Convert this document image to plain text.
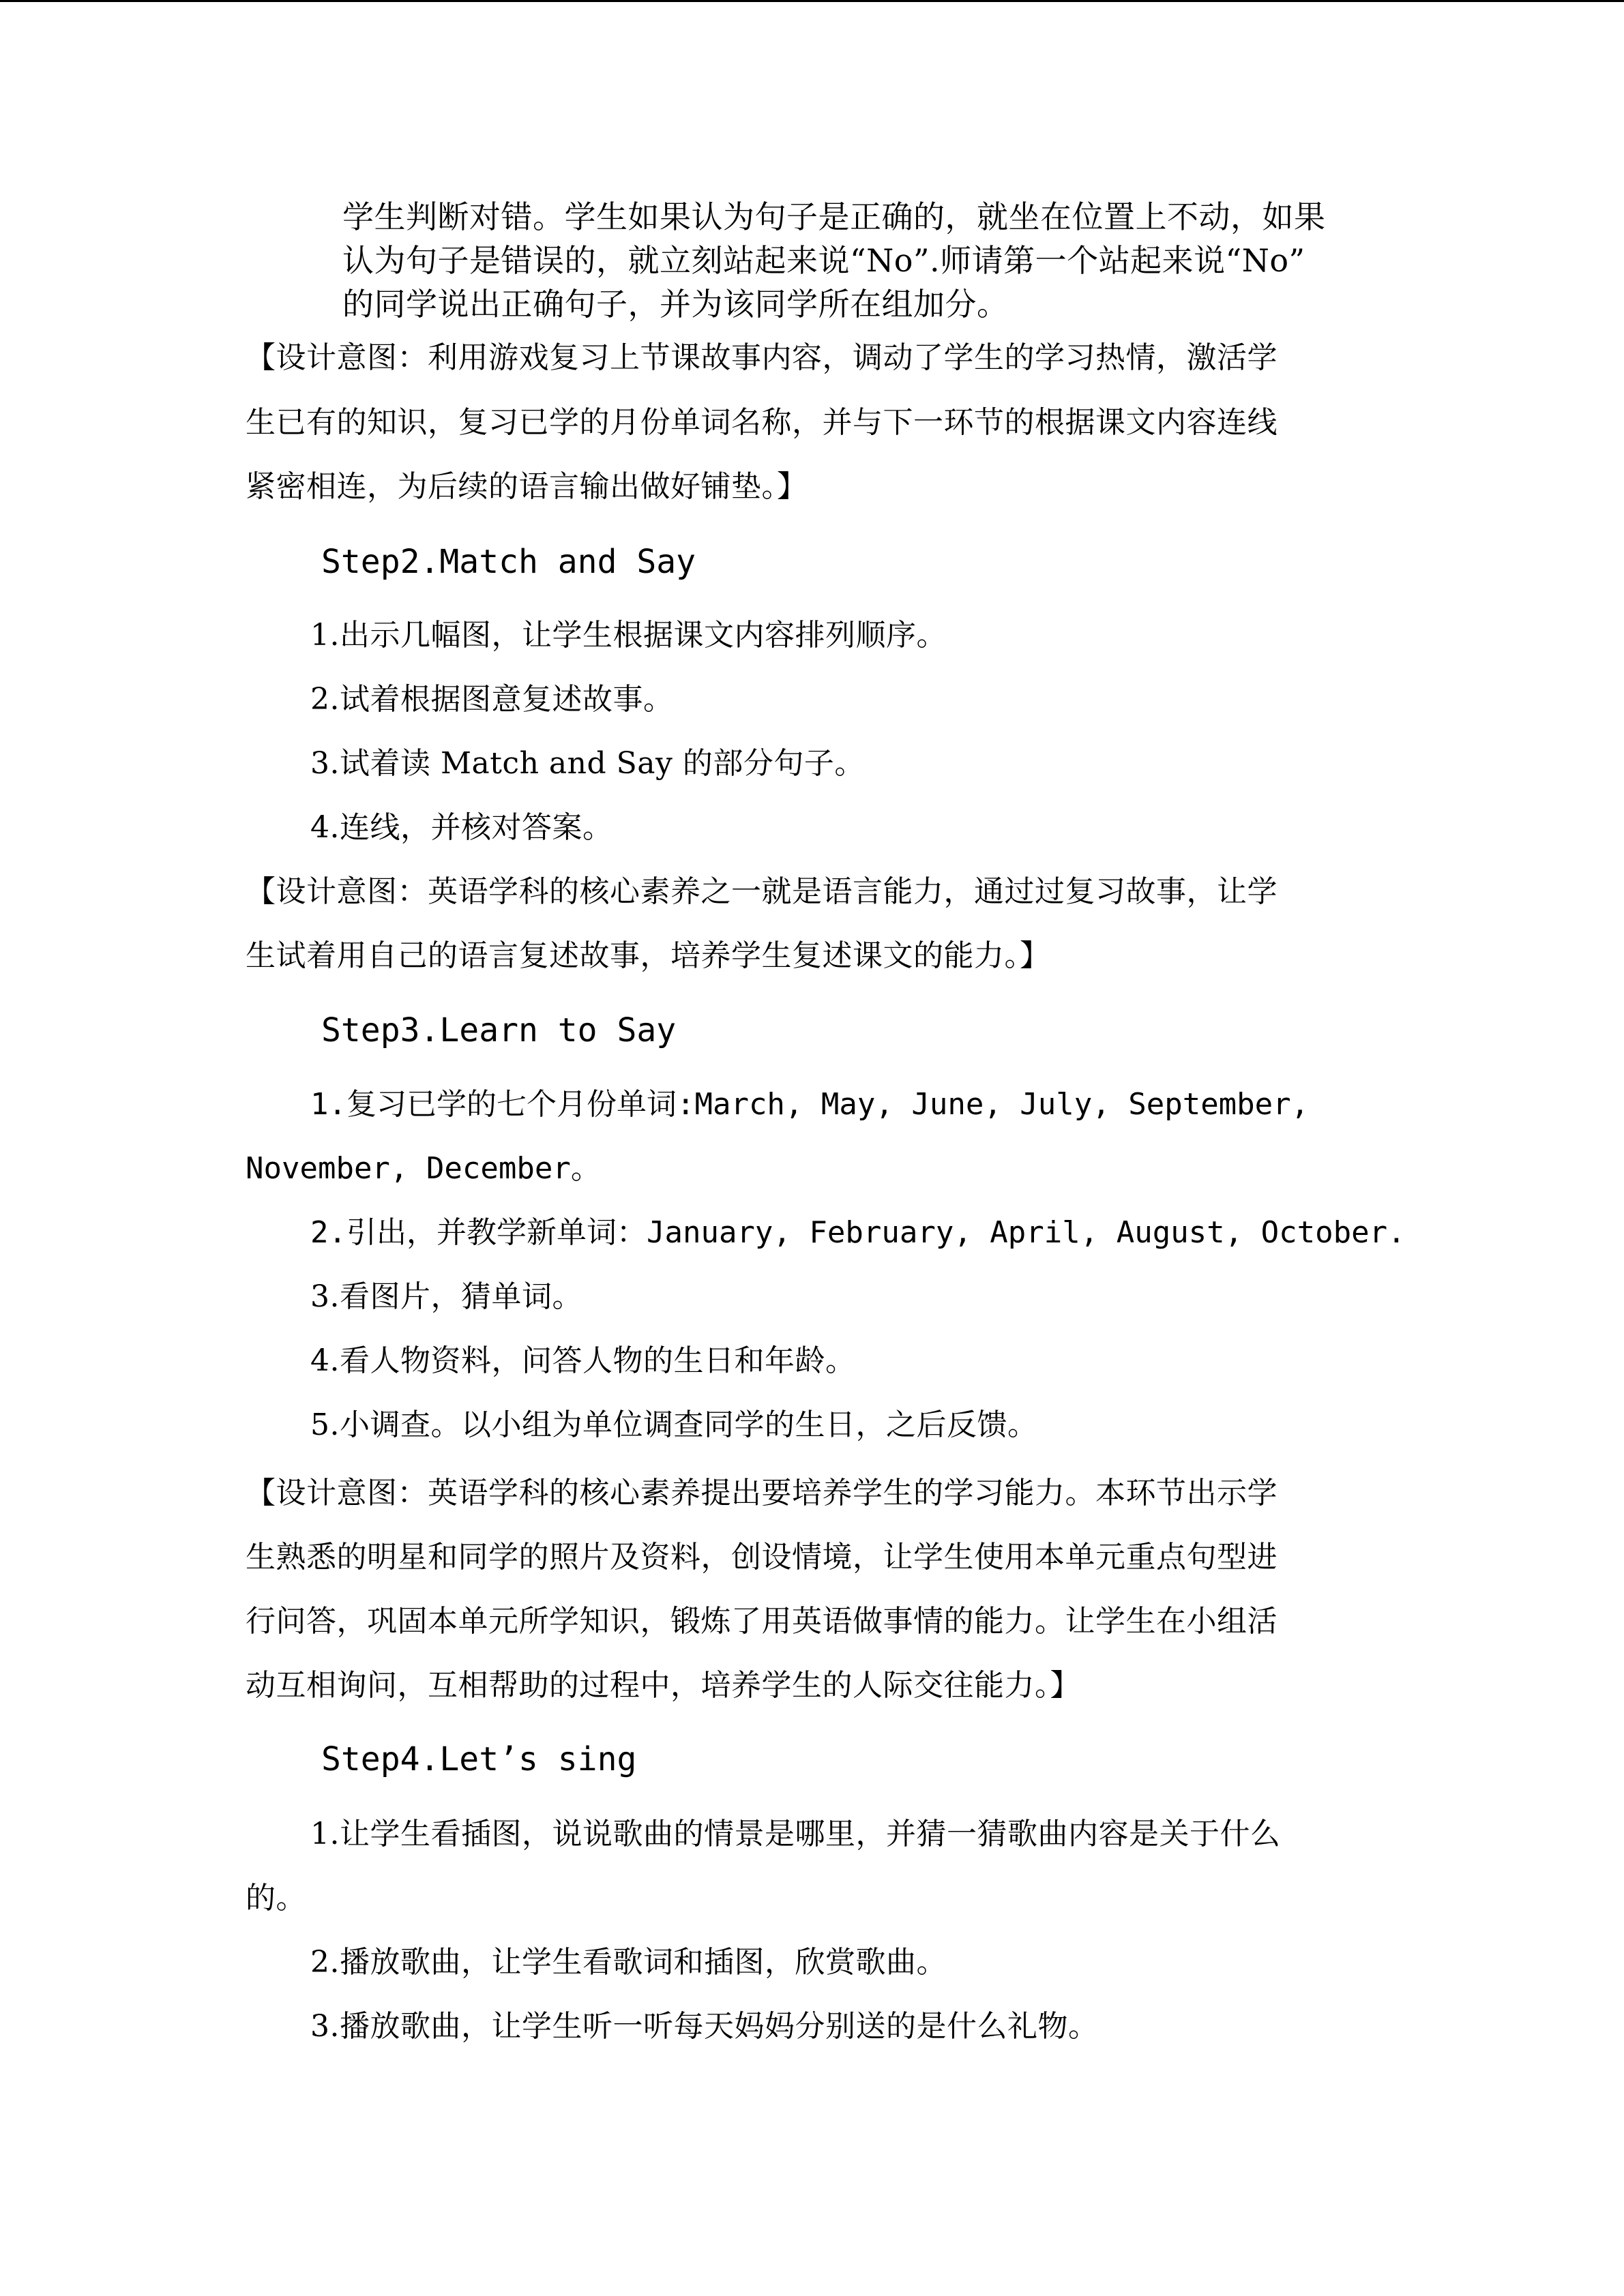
学生判断对错。学生如果认为句子是正确的，就坐在位置上不动，如果

认为句子是错误的，就立刻站起来说“No”.师请第一个站起来说“No”

的同学说出正确句子，并为该同学所在组加分。

【设计意图：利用游戏复习上节课故事内容，调动了学生的学习热情，激活学

生已有的知识，复习已学的月份单词名称，并与下一环节的根据课文内容连线

紧密相连，为后续的语言输出做好铺垫。】

Step2.Match and Say

1.出示几幅图，让学生根据课文内容排列顺序。

2.试着根据图意复述故事。

3.试着读 Match and Say 的部分句子。

4.连线，并核对答案。

【设计意图：英语学科的核心素养之一就是语言能力，通过过复习故事，让学

生试着用自己的语言复述故事，培养学生复述课文的能力。】

Step3.Learn to Say

1.复习已学的七个月份单词:March, May, June, July, September,

November, December。

2.引出，并教学新单词：January, February, April, August, October.

3.看图片，猜单词。

4.看人物资料，问答人物的生日和年龄。

5.小调查。以小组为单位调查同学的生日，之后反馈。

【设计意图：英语学科的核心素养提出要培养学生的学习能力。本环节出示学

生熟悉的明星和同学的照片及资料，创设情境，让学生使用本单元重点句型进

行问答，巩固本单元所学知识，锻炼了用英语做事情的能力。让学生在小组活

动互相询问，互相帮助的过程中，培养学生的人际交往能力。】

Step4.Let’s sing

1.让学生看插图，说说歌曲的情景是哪里，并猜一猜歌曲内容是关于什么

的。

2.播放歌曲，让学生看歌词和插图，欣赏歌曲。

3.播放歌曲，让学生听一听每天妈妈分别送的是什么礼物。
